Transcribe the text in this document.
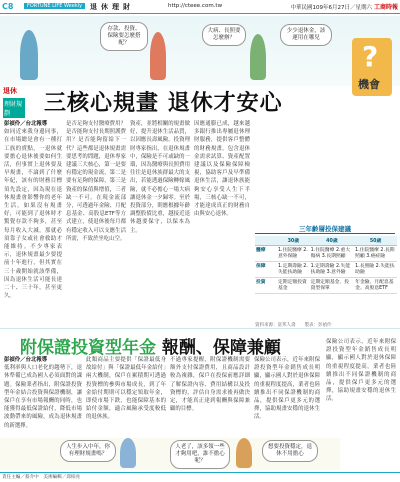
C8	FORTUNE LIFE Weekly	退休理財	http://cteee.com.tw	中華民國109年6月27日／星期六 工商時報
存款、投資、保險要怎麼搭配？
大病、長照要怎麼辦？
少少退休金，該運用在哪兒
?
機會
退休
理財規劃	三核心規畫 退休才安心
彭禎伶／台北報導
如同近來我身邊同事，在市場總是會有一種打工族的賣點，一退休就要擔心退休後要如何生活，但事實上退休要及早規畫，不論到了什麼年紀，該有的財務目標須先設定，因為現在退休規畫會影響你的老年生活，如果沒有規畫好，可能到了退休時才驚覺存款不夠多，甚至每月收入大減，那就必須靠子女或社會救助才能維持。不少專家表示，退休規畫最少要提前十年進行，但其實在三十歲開始就該準備，因為退休生活可能長達二十、三十年，甚至更久。
是否足夠支付醫療費用？是否能夠支付長期照護費用？是否能夠留給下一代？這些都是退休規畫需要思考的問題，退休專家建議三大核心，第一是要有穩定的現金流，第二是要有足夠的保障，第三是資產的保值與增值，三者缺一不可。在現金流部分，可透過年金險、月配息基金、高股息ETF等方式建立，使退休後每月都有穩定收入可以支應生活所需，不致於坐吃山空。
資產，並將相關的規畫做好，提升退休生活品質，以因應長壽風險。投資理財專家指出，在退休規畫中，保險是不可或缺的一環，因為醫療與長照費用往往是退休族群最大的支出，若能透過保險轉嫁風險，就不必擔心一場大病讓退休金一夕歸零。至於投資部分，則應根據年齡調整股債比重，越接近退休越要保守，以保本為主。
因應通膨已成，越來越多銀行推出專屬退休理財服務，提供客戶整體的財務規畫，包含退休金需求試算、資產配置建議以及保險保障檢視，協助客戶及早準備退休生活，讓退休族能夠安心享受人生下半場，三核心缺一不可，才能達成真正的財務自由與安心退休。
三年齡層投保建議
	30歲	40歲	50歲
醫療	1.住院醫療 2.意外保險	1.住院醫療 2.重大傷病 3.長期照顧	1.住院醫療 2.長期照顧 3.癌症險
保障	1.定期壽險 2.失能扶助險	1.定期壽險 2.失能扶助險 3.意外險	1.長照險 2.失能扶助險
投資	定期定額投資基金	定期定額基金、投資型保單	年金險、月配息基金、高股息ETF
資料來源：富邦人壽　　製表：彭禎伶
附保證投資型年金 報酬、保障兼顧
彭禎伶／台北報導
低利率與人口老化的趨勢下，退休準備已成為國人必須面對的課題。保險業者指出，附保證投資型年金結合投資與保證機制，讓保戶在享有市場報酬的同時，也能獲得最低保證給付，降低市場波動帶來的風險，成為退休規畫的新選擇。
此類商品主要提供「保證最低身故給付」與「保證最低年金給付」兩大機制，保戶在累積期可透過投資標的參與市場成長，到了年金給付期則可以穩定領取年金，即使市場下跌，也能保障基本的給付金額，適合風險承受度較低的退休族。
不過專家提醒，附保證機制需要額外支付保證費用，且商品設計較為複雜，保戶在投保前應詳細了解保證內容、費用結構以及投資標的，評估自身需求後再做決定，才能真正達到報酬與保障兼顧的目標。
保險公司表示，近年來附保證投資型年金銷售成長明顯，顯示國人對於退休保障的重視程度提高，業者也陸續推出不同保證機制的商品，提供保戶更多元的選擇，協助規畫安穩的退休生活。
保險公司表示，近年來附保證投資型年金銷售成長明顯，顯示國人對於退休保障的重視程度提高，業者也陸續推出不同保證機制的商品，提供保戶更多元的選擇，協助規畫安穩的退休生活。
人生步入中年，你有理財規畫嗎？
人老了，該多領一些才夠用吧，誰不擔心呢？
想要投資穩定，退休不用擔心
責任主編／蔡介中　美術編輯／邱柏亮
